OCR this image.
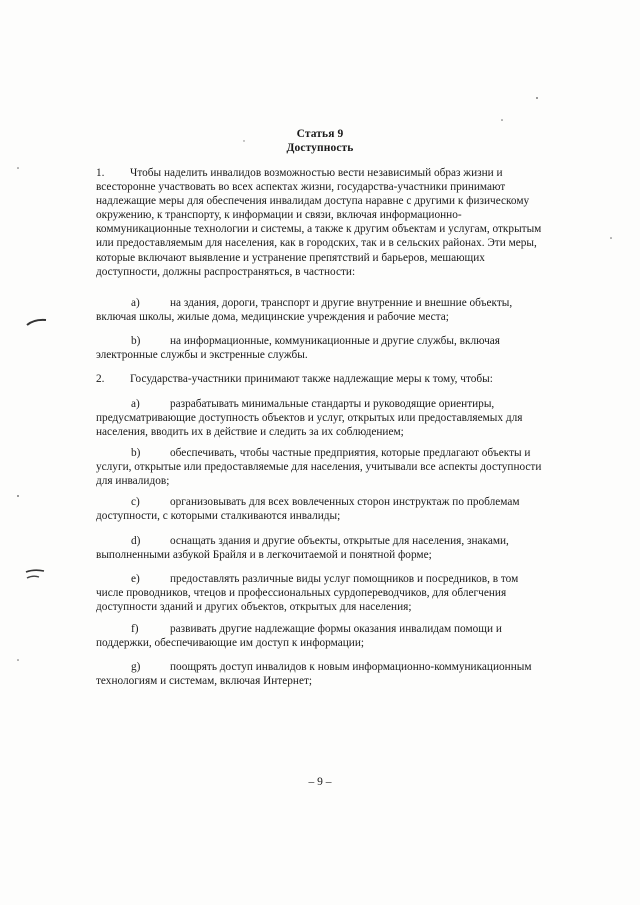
Статья 9
Доступность

1. Чтобы наделить инвалидов возможностью вести независимый образ жизни и всесторонне участвовать во всех аспектах жизни, государства-участники принимают надлежащие меры для обеспечения инвалидам доступа наравне с другими к физическому окружению, к транспорту, к информации и связи, включая информационно-коммуникационные технологии и системы, а также к другим объектам и услугам, открытым или предоставляемым для населения, как в городских, так и в сельских районах. Эти меры, которые включают выявление и устранение препятствий и барьеров, мешающих доступности, должны распространяться, в частности:

a)	на здания, дороги, транспорт и другие внутренние и внешние объекты, включая школы, жилые дома, медицинские учреждения и рабочие места;

b)	на информационные, коммуникационные и другие службы, включая электронные службы и экстренные службы.

2. Государства-участники принимают также надлежащие меры к тому, чтобы:

a)	разрабатывать минимальные стандарты и руководящие ориентиры, предусматривающие доступность объектов и услуг, открытых или предоставляемых для населения, вводить их в действие и следить за их соблюдением;

b)	обеспечивать, чтобы частные предприятия, которые предлагают объекты и услуги, открытые или предоставляемые для населения, учитывали все аспекты доступности для инвалидов;

c)	организовывать для всех вовлеченных сторон инструктаж по проблемам доступности, с которыми сталкиваются инвалиды;

d)	оснащать здания и другие объекты, открытые для населения, знаками, выполненными азбукой Брайля и в легкочитаемой и понятной форме;

e)	предоставлять различные виды услуг помощников и посредников, в том числе проводников, чтецов и профессиональных сурдопереводчиков, для облегчения доступности зданий и других объектов, открытых для населения;

f)	развивать другие надлежащие формы оказания инвалидам помощи и поддержки, обеспечивающие им доступ к информации;

g)	поощрять доступ инвалидов к новым информационно-коммуникационным технологиям и системам, включая Интернет;

– 9 –
